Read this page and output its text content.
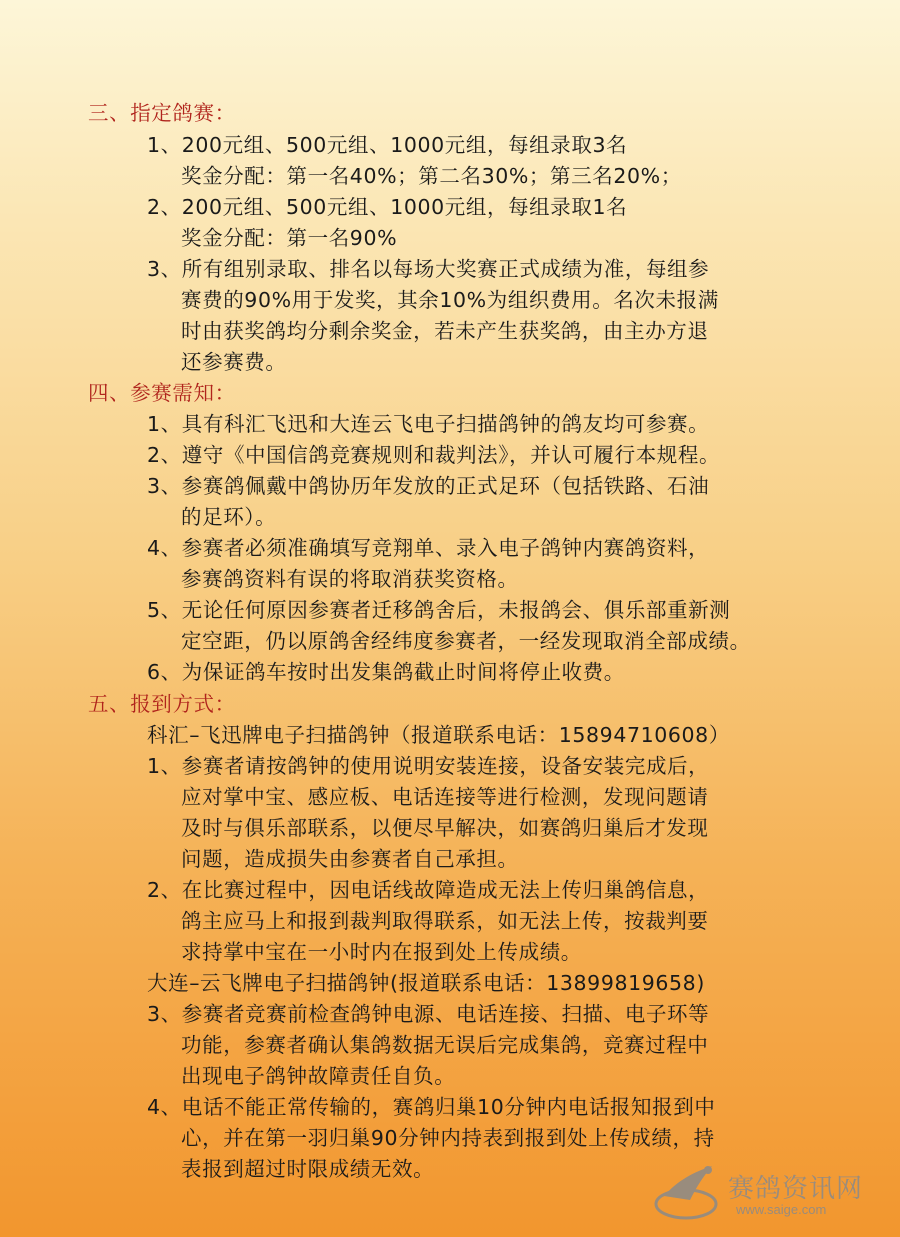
三、指定鸽赛：
1、200元组、500元组、1000元组，每组录取3名
奖金分配：第一名40%；第二名30%；第三名20%；
2、200元组、500元组、1000元组，每组录取1名
奖金分配：第一名90%
3、所有组别录取、排名以每场大奖赛正式成绩为准，每组参
赛费的90%用于发奖，其余10%为组织费用。名次未报满
时由获奖鸽均分剩余奖金，若未产生获奖鸽，由主办方退
还参赛费。
四、参赛需知：
1、具有科汇飞迅和大连云飞电子扫描鸽钟的鸽友均可参赛。
2、遵守《中国信鸽竞赛规则和裁判法》，并认可履行本规程。
3、参赛鸽佩戴中鸽协历年发放的正式足环（包括铁路、石油
的足环）。
4、参赛者必须准确填写竞翔单、录入电子鸽钟内赛鸽资料，
参赛鸽资料有误的将取消获奖资格。
5、无论任何原因参赛者迁移鸽舍后，未报鸽会、俱乐部重新测
定空距，仍以原鸽舍经纬度参赛者，一经发现取消全部成绩。
6、为保证鸽车按时出发集鸽截止时间将停止收费。
五、报到方式：
科汇–飞迅牌电子扫描鸽钟（报道联系电话：15894710608）
1、参赛者请按鸽钟的使用说明安装连接，设备安装完成后，
应对掌中宝、感应板、电话连接等进行检测，发现问题请
及时与俱乐部联系，以便尽早解决，如赛鸽归巢后才发现
问题，造成损失由参赛者自己承担。
2、在比赛过程中，因电话线故障造成无法上传归巢鸽信息，
鸽主应马上和报到裁判取得联系，如无法上传，按裁判要
求持掌中宝在一小时内在报到处上传成绩。
大连–云飞牌电子扫描鸽钟(报道联系电话：13899819658)
3、参赛者竞赛前检查鸽钟电源、电话连接、扫描、电子环等
功能，参赛者确认集鸽数据无误后完成集鸽，竞赛过程中
出现电子鸽钟故障责任自负。
4、电话不能正常传输的，赛鸽归巢10分钟内电话报知报到中
心，并在第一羽归巢90分钟内持表到报到处上传成绩，持
表报到超过时限成绩无效。
赛鸽资讯网
www.saige.com
